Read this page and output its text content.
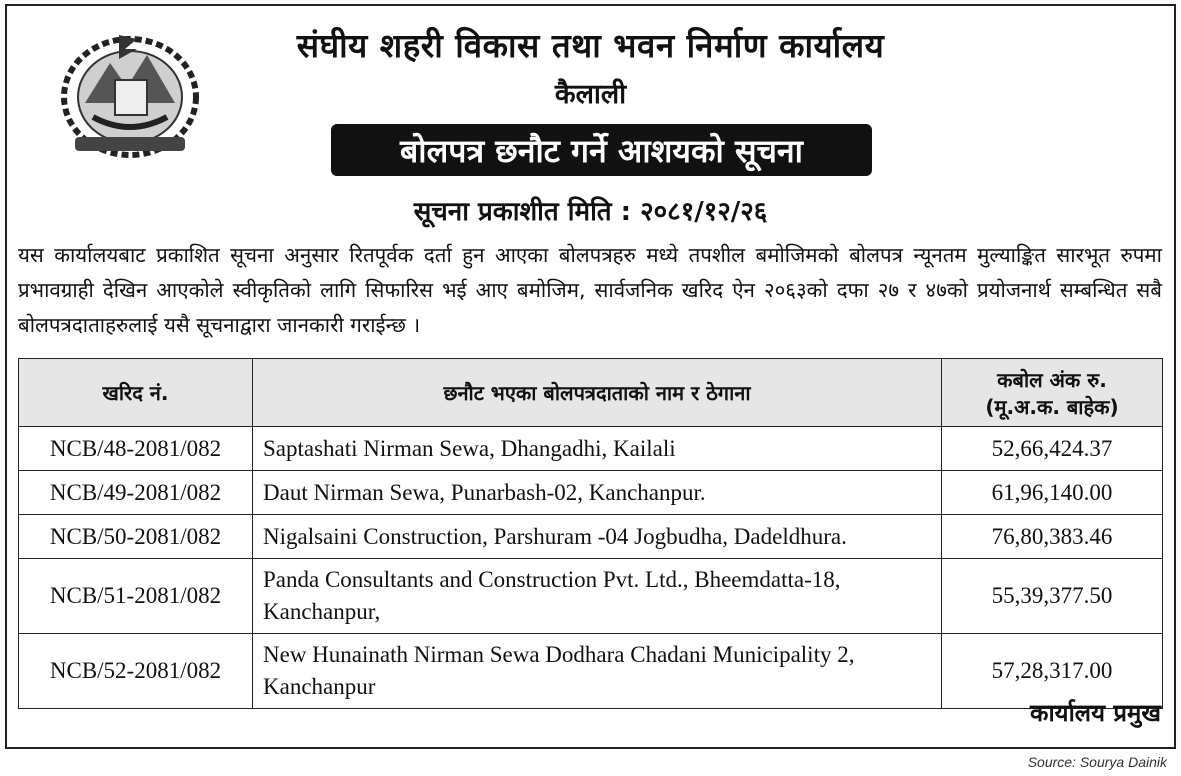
संघीय शहरी विकास तथा भवन निर्माण कार्यालय
कैलाली
बोलपत्र छनौट गर्ने आशयको सूचना
सूचना प्रकाशीत मिति : २०८१/१२/२६
यस कार्यालयबाट प्रकाशित सूचना अनुसार रितपूर्वक दर्ता हुन आएका बोलपत्रहरु मध्ये तपशील बमोजिमको बोलपत्र न्यूनतम मुल्याङ्कित सारभूत रुपमा प्रभावग्राही देखिन आएकोले स्वीकृतिको लागि सिफारिस भई आए बमोजिम, सार्वजनिक खरिद ऐन २०६३को दफा २७ र ४७को प्रयोजनार्थ सम्बन्धित सबै बोलपत्रदाताहरुलाई यसै सूचनाद्वारा जानकारी गराईन्छ ।
खरिद नं.	छनौट भएका बोलपत्रदाताको नाम र ठेगाना	कबोल अंक रु.
(मू.अ.क. बाहेक)

NCB/48-2081/082	Saptashati Nirman Sewa, Dhangadhi, Kailali	52,66,424.37
NCB/49-2081/082	Daut Nirman Sewa, Punarbash-02, Kanchanpur.	61,96,140.00
NCB/50-2081/082	Nigalsaini Construction, Parshuram -04 Jogbudha, Dadeldhura.	76,80,383.46
NCB/51-2081/082	Panda Consultants and Construction Pvt. Ltd., Bheemdatta-18, Kanchanpur,	55,39,377.50
NCB/52-2081/082	New Hunainath Nirman Sewa Dodhara Chadani Municipality 2, Kanchanpur	57,28,317.00
कार्यालय प्रमुख
Source: Sourya Dainik
